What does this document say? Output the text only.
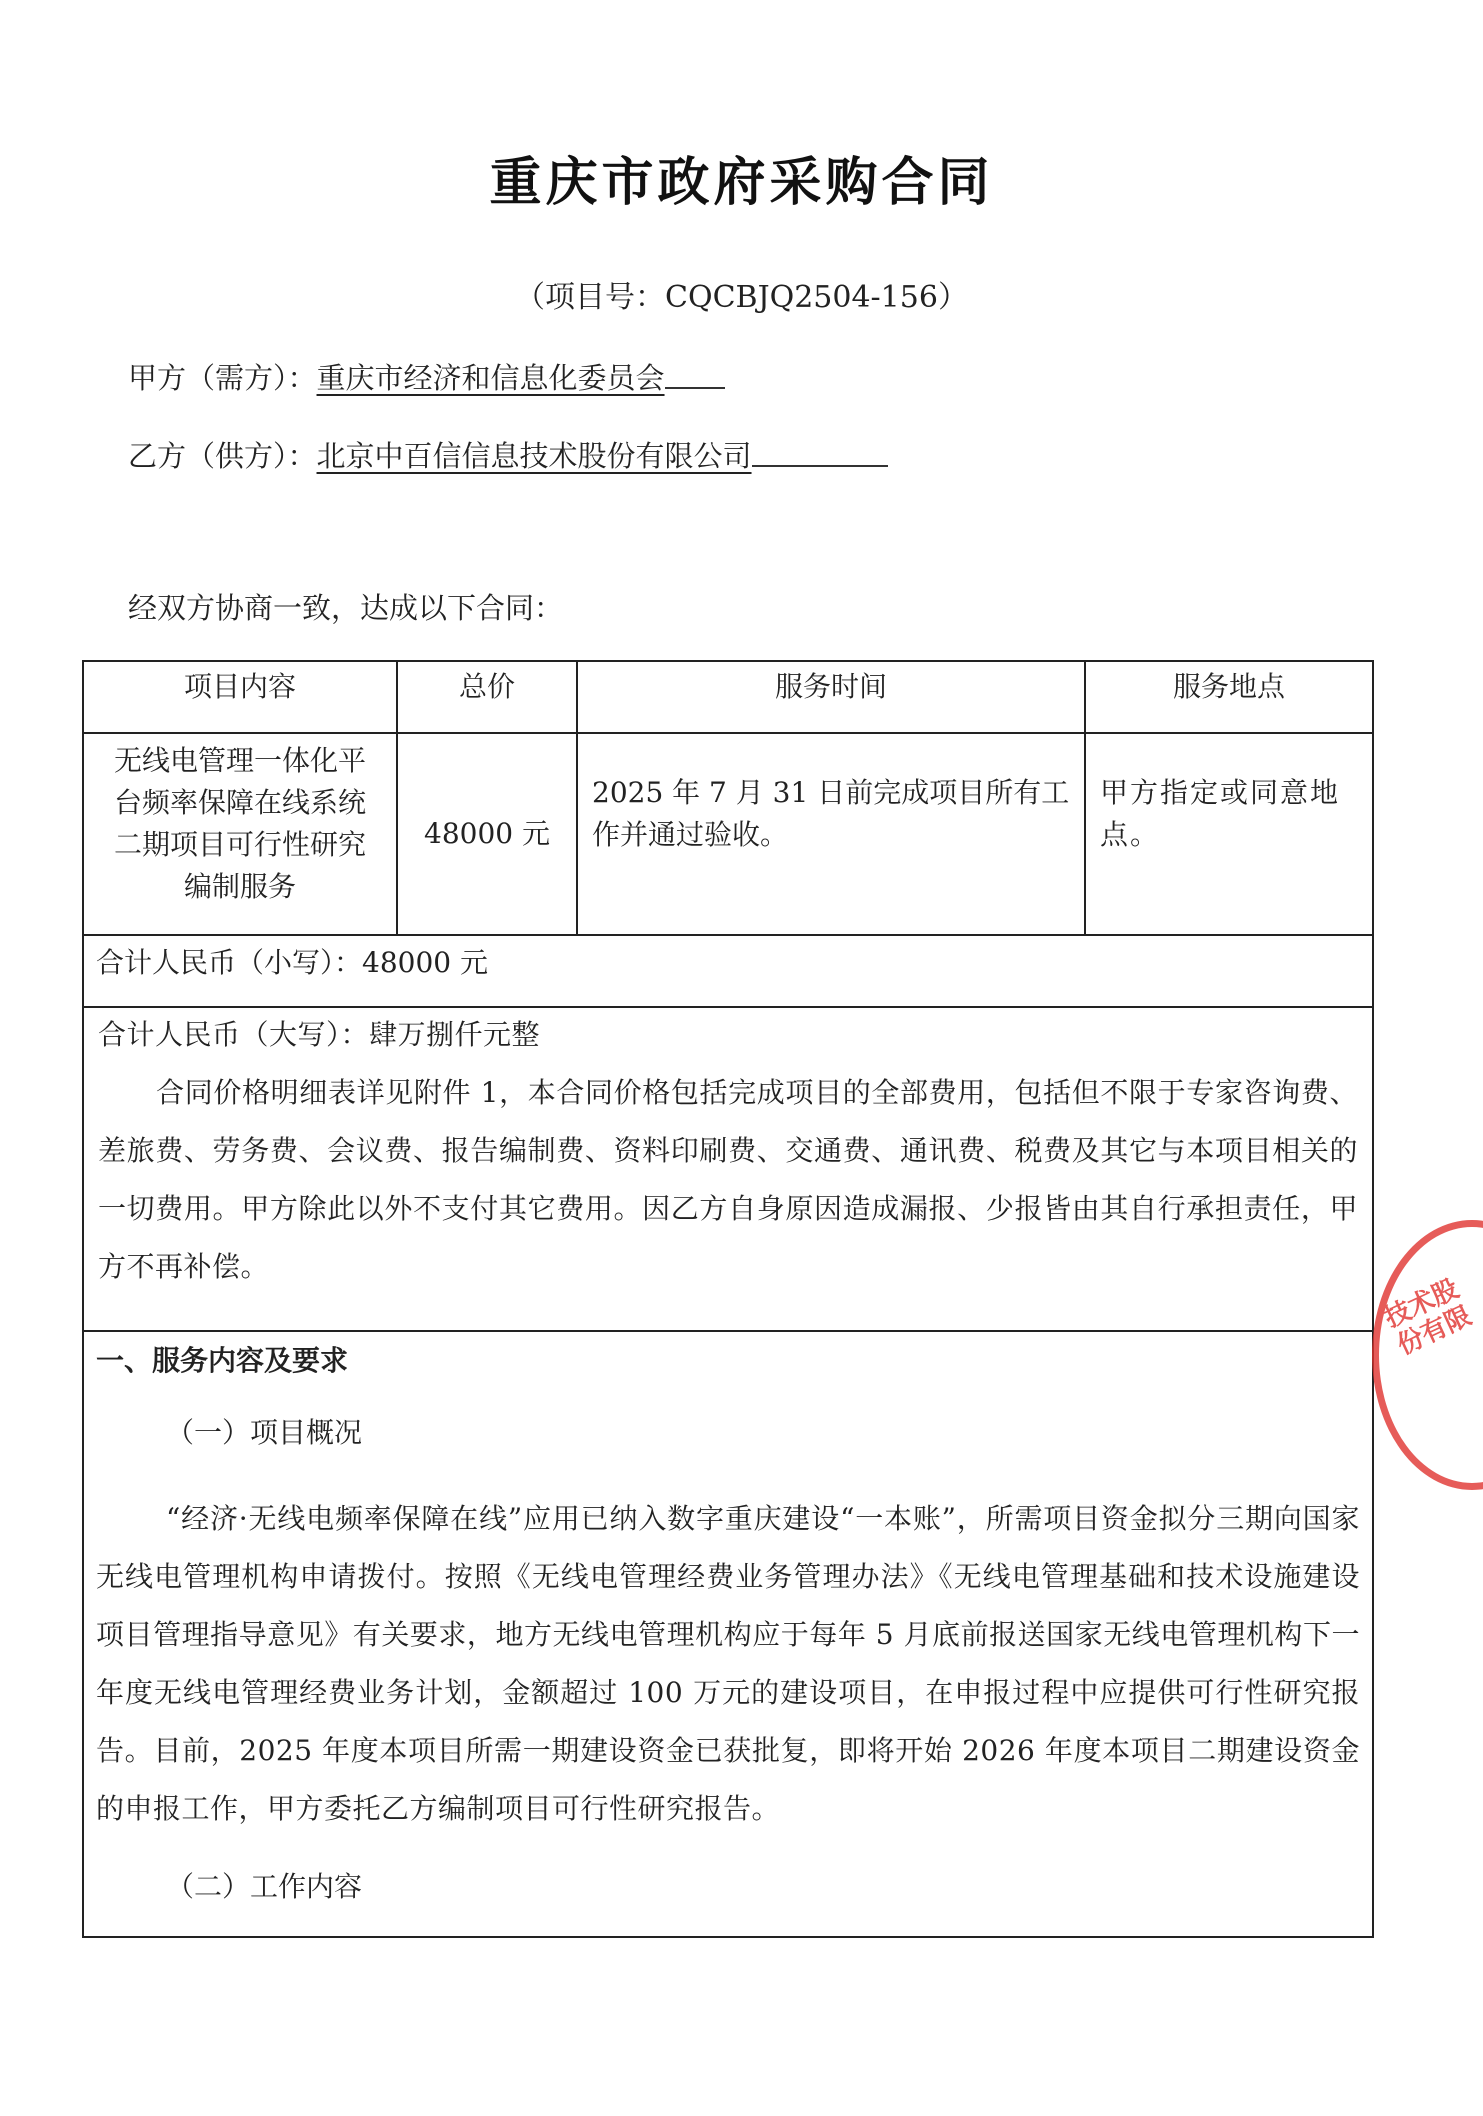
重庆市政府采购合同
（项目号：CQCBJQ2504-156）
甲方（需方）：重庆市经济和信息化委员会
乙方（供方）：北京中百信信息技术股份有限公司
经双方协商一致，达成以下合同：
项目内容	总价	服务时间	服务地点
无线电管理一体化平台频率保障在线系统二期项目可行性研究编制服务	48000 元	2025 年 7 月 31 日前完成项目所有工作并通过验收。	甲方指定或同意地点。
合计人民币（小写）：48000 元			

合计人民币（大写）：肆万捌仟元整
合同价格明细表详见附件 1，本合同价格包括完成项目的全部费用，包括但不限于专家咨询费、差旅费、劳务费、会议费、报告编制费、资料印刷费、交通费、通讯费、税费及其它与本项目相关的一切费用。甲方除此以外不支付其它费用。因乙方自身原因造成漏报、少报皆由其自行承担责任，甲方不再补偿。			

一、服务内容及要求
（一）项目概况
“经济·无线电频率保障在线”应用已纳入数字重庆建设“一本账”，所需项目资金拟分三期向国家无线电管理机构申请拨付。按照《无线电管理经费业务管理办法》《无线电管理基础和技术设施建设项目管理指导意见》有关要求，地方无线电管理机构应于每年 5 月底前报送国家无线电管理机构下一年度无线电管理经费业务计划，金额超过 100 万元的建设项目，在申报过程中应提供可行性研究报告。目前，2025 年度本项目所需一期建设资金已获批复，即将开始 2026 年度本项目二期建设资金的申报工作，甲方委托乙方编制项目可行性研究报告。
（二）工作内容			
技术股份有限
